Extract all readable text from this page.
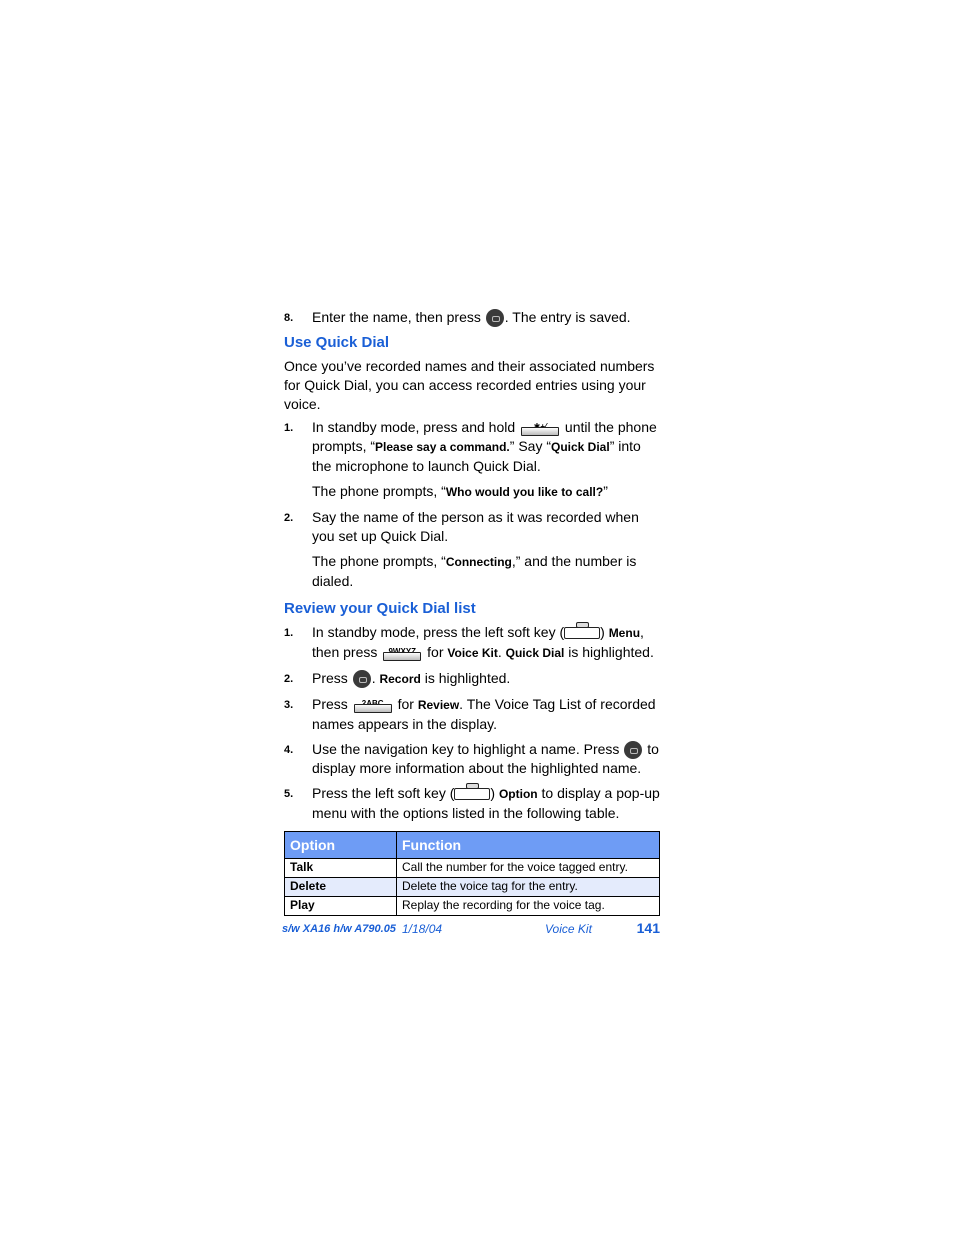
8. Enter the name, then press . The entry is saved.

Use Quick Dial

Once you’ve recorded names and their associated numbers for Quick Dial, you can access recorded entries using your voice.

1. In standby mode, press and hold	until the phone prompts, “Please say a command.” Say “Quick Dial” into the microphone to launch Quick Dial.

The phone prompts, “Who would you like to call?”

2. Say the name of the person as it was recorded when you set up Quick Dial.

The phone prompts, “Connecting,” and the number is dialed.

Review your Quick Dial list
1. In standby mode, press the left soft key (	) Menu, then press	for Voice Kit. Quick Dial is highlighted.

2. Press . Record is highlighted.

3. Press	for Review. The Voice Tag List of recorded names appears in the display.

4. Use the navigation key to highlight a name. Press to display more information about the highlighted name.

5. Press the left soft key (	) Option to display a pop-up menu with the options listed in the following table.

Option	Function
Talk	Call the number for the voice tagged entry.
Delete	Delete the voice tag for the entry.
Play	Replay the recording for the voice tag.
s/w XA16 h/w A790.05 1/18/04	Voice Kit	141
